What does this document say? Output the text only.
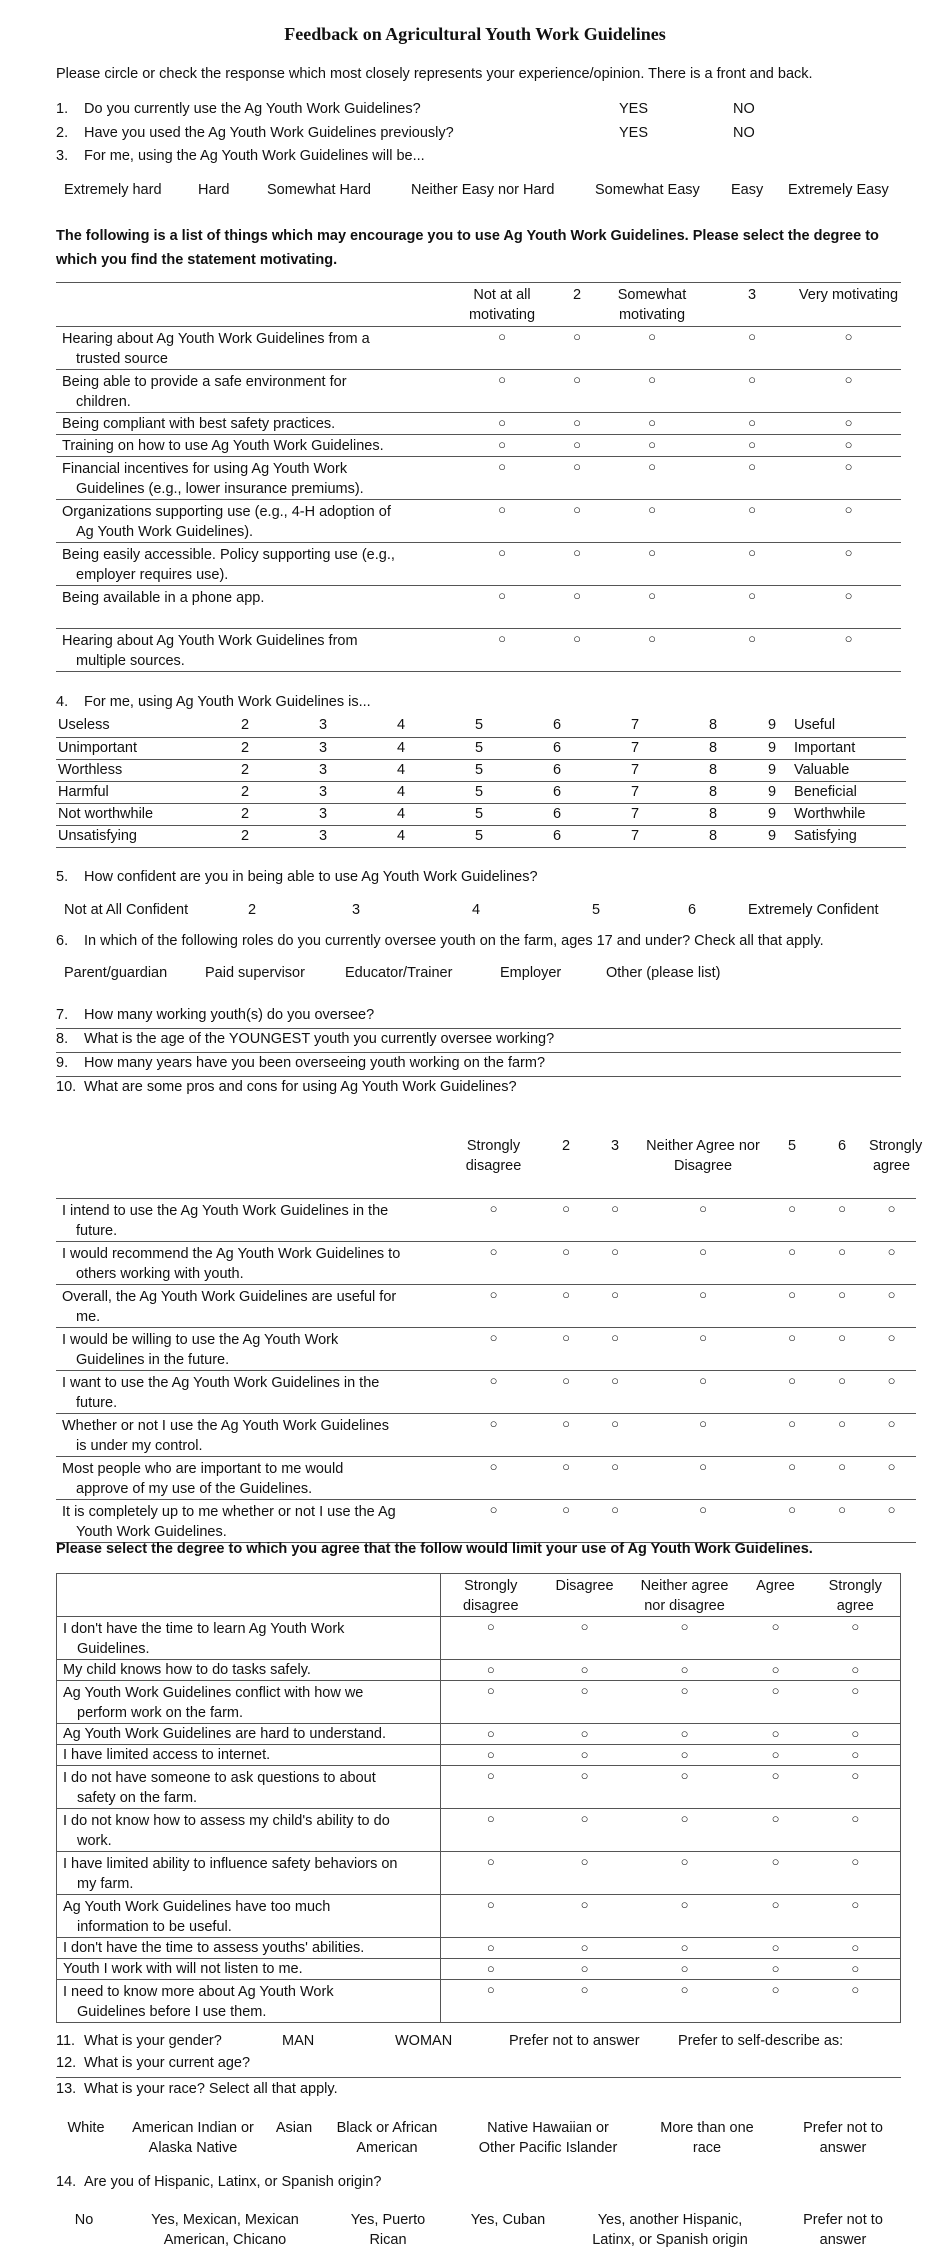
Feedback on Agricultural Youth Work Guidelines
Please circle or check the response which most closely represents your experience/opinion. There is a front and back.
1. Do you currently use the Ag Youth Work Guidelines?	YES	NO
2. Have you used the Ag Youth Work Guidelines previously?	YES	NO
3. For me, using the Ag Youth Work Guidelines will be...
Extremely hard	Hard	Somewhat Hard	Neither Easy nor Hard	Somewhat Easy Easy Extremely Easy
The following is a list of things which may encourage you to use Ag Youth Work Guidelines. Please select the degree to which you find the statement motivating.
	Not at all motivating	2	Somewhat motivating	3	Very motivating

Hearing about Ag Youth Work Guidelines from a
trusted source	○	○	○	○	○

Being able to provide a safe environment for
children.	○	○	○	○	○

Being compliant with best safety practices.	○	○	○	○	○

Training on how to use Ag Youth Work Guidelines.	○	○	○	○	○

Financial incentives for using Ag Youth Work
Guidelines (e.g., lower insurance premiums).	○	○	○	○	○

Organizations supporting use (e.g., 4-H adoption of
Ag Youth Work Guidelines).	○	○	○	○	○

Being easily accessible. Policy supporting use (e.g.,
employer requires use).	○	○	○	○	○

Being available in a phone app.	○	○	○	○	○

Hearing about Ag Youth Work Guidelines from
multiple sources.	○	○	○	○	○
4. For me, using Ag Youth Work Guidelines is...
Useless	2	3	4	5	6	7	8	9	Useful
Unimportant	2	3	4	5	6	7	8	9	Important
Worthless	2	3	4	5	6	7	8	9	Valuable
Harmful	2	3	4	5	6	7	8	9	Beneficial
Not worthwhile	2	3	4	5	6	7	8	9	Worthwhile
Unsatisfying	2	3	4	5	6	7	8	9	Satisfying
5. How confident are you in being able to use Ag Youth Work Guidelines?
Not at All Confident	2	3	4	5	6	Extremely Confident
6. In which of the following roles do you currently oversee youth on the farm, ages 17 and under? Check all that apply.
Parent/guardian	Paid supervisor	Educator/Trainer	Employer	Other (please list)
7. How many working youth(s) do you oversee?
8. What is the age of the YOUNGEST youth you currently oversee working?
9. How many years have you been overseeing youth working on the farm?
10. What are some pros and cons for using Ag Youth Work Guidelines?
	Strongly disagree	2	3	Neither Agree nor Disagree	5	6	Strongly agree

I intend to use the Ag Youth Work Guidelines in the
future.	○	○	○	○	○	○	○

I would recommend the Ag Youth Work Guidelines to
others working with youth.	○	○	○	○	○	○	○

Overall, the Ag Youth Work Guidelines are useful for
me.	○	○	○	○	○	○	○

I would be willing to use the Ag Youth Work
Guidelines in the future.	○	○	○	○	○	○	○

I want to use the Ag Youth Work Guidelines in the
future.	○	○	○	○	○	○	○

Whether or not I use the Ag Youth Work Guidelines
is under my control.	○	○	○	○	○	○	○

Most people who are important to me would
approve of my use of the Guidelines.	○	○	○	○	○	○	○

It is completely up to me whether or not I use the Ag
Youth Work Guidelines.	○	○	○	○	○	○	○
Please select the degree to which you agree that the follow would limit your use of Ag Youth Work Guidelines.
	Strongly disagree	Disagree	Neither agree nor disagree	Agree	Strongly agree

I don't have the time to learn Ag Youth Work
Guidelines.	○	○	○	○	○

My child knows how to do tasks safely.	○	○	○	○	○

Ag Youth Work Guidelines conflict with how we
perform work on the farm.	○	○	○	○	○

Ag Youth Work Guidelines are hard to understand.	○	○	○	○	○

I have limited access to internet.	○	○	○	○	○

I do not have someone to ask questions to about
safety on the farm.	○	○	○	○	○

I do not know how to assess my child's ability to do
work.	○	○	○	○	○

I have limited ability to influence safety behaviors on
my farm.	○	○	○	○	○

Ag Youth Work Guidelines have too much
information to be useful.	○	○	○	○	○

I don't have the time to assess youths' abilities.	○	○	○	○	○

Youth I work with will not listen to me.	○	○	○	○	○

I need to know more about Ag Youth Work
Guidelines before I use them.	○	○	○	○	○
11. What is your gender?	MAN	WOMAN	Prefer not to answer	Prefer to self-describe as:
12. What is your current age?
13. What is your race? Select all that apply.
White	American Indian or Alaska Native
Asian	Black or African American
Native Hawaiian or Other Pacific Islander
More than one race
Prefer not to answer
14. Are you of Hispanic, Latinx, or Spanish origin?
No	Yes, Mexican, Mexican American, Chicano
Yes, Puerto Rican
Yes, Cuban	Yes, another Hispanic, Latinx, or Spanish origin
Prefer not to answer
